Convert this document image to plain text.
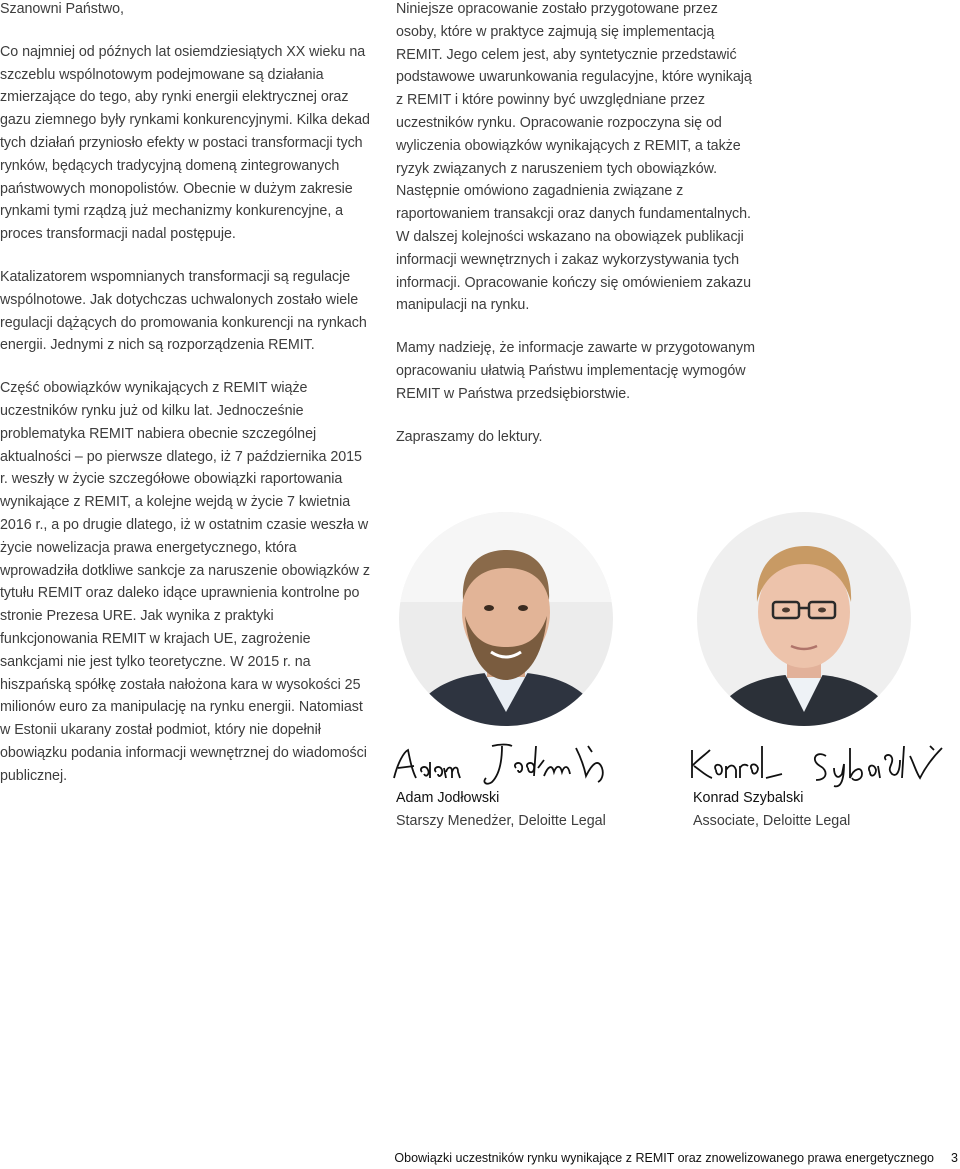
Szanowni Państwo,

Co najmniej od późnych lat osiemdziesiątych XX wieku na szczeblu wspólnotowym podejmowane są działania zmierzające do tego, aby rynki energii elektrycznej oraz gazu ziemnego były rynkami konkurencyjnymi. Kilka dekad tych działań przyniosło efekty w postaci transformacji tych rynków, będących tradycyjną domeną zintegrowanych państwowych monopolistów. Obecnie w dużym zakresie rynkami tymi rządzą już mechanizmy konkurencyjne, a proces transformacji nadal postępuje.

Katalizatorem wspomnianych transformacji są regulacje wspólnotowe. Jak dotychczas uchwalonych zostało wiele regulacji dążących do promowania konkurencji na rynkach energii. Jednymi z nich są rozporządzenia REMIT.

Część obowiązków wynikających z REMIT wiąże uczestników rynku już od kilku lat. Jednocześnie problematyka REMIT nabiera obecnie szczególnej aktualności – po pierwsze dlatego, iż 7 października 2015 r. weszły w życie szczegółowe obowiązki raportowania wynikające z REMIT, a kolejne wejdą w życie 7 kwietnia 2016 r., a po drugie dlatego, iż w ostatnim czasie weszła w życie nowelizacja prawa energetycznego, która wprowadziła dotkliwe sankcje za naruszenie obowiązków z tytułu REMIT oraz daleko idące uprawnienia kontrolne po stronie Prezesa URE. Jak wynika z praktyki funkcjonowania REMIT w krajach UE, zagrożenie sankcjami nie jest tylko teoretyczne. W 2015 r. na hiszpańską spółkę została nałożona kara w wysokości 25 milionów euro za manipulację na rynku energii. Natomiast w Estonii ukarany został podmiot, który nie dopełnił obowiązku podania informacji wewnętrznej do wiadomości publicznej.

Niniejsze opracowanie zostało przygotowane przez osoby, które w praktyce zajmują się implementacją REMIT. Jego celem jest, aby syntetycznie przedstawić podstawowe uwarunkowania regulacyjne, które wynikają z REMIT i które powinny być uwzględniane przez uczestników rynku. Opracowanie rozpoczyna się od wyliczenia obowiązków wynikających z REMIT, a także ryzyk związanych z naruszeniem tych obowiązków. Następnie omówiono zagadnienia związane z raportowaniem transakcji oraz danych fundamentalnych. W dalszej kolejności wskazano na obowiązek publikacji informacji wewnętrznych i zakaz wykorzystywania tych informacji. Opracowanie kończy się omówieniem zakazu manipulacji na rynku.

Mamy nadzieję, że informacje zawarte w przygotowanym opracowaniu ułatwią Państwu implementację wymogów REMIT w Państwa przedsiębiorstwie.

Zapraszamy do lektury.

Adam Jodłowski
Starszy Menedżer, Deloitte Legal
Konrad Szybalski
Associate, Deloitte Legal
Obowiązki uczestników rynku wynikające z REMIT oraz znowelizowanego prawa energetycznego 3
